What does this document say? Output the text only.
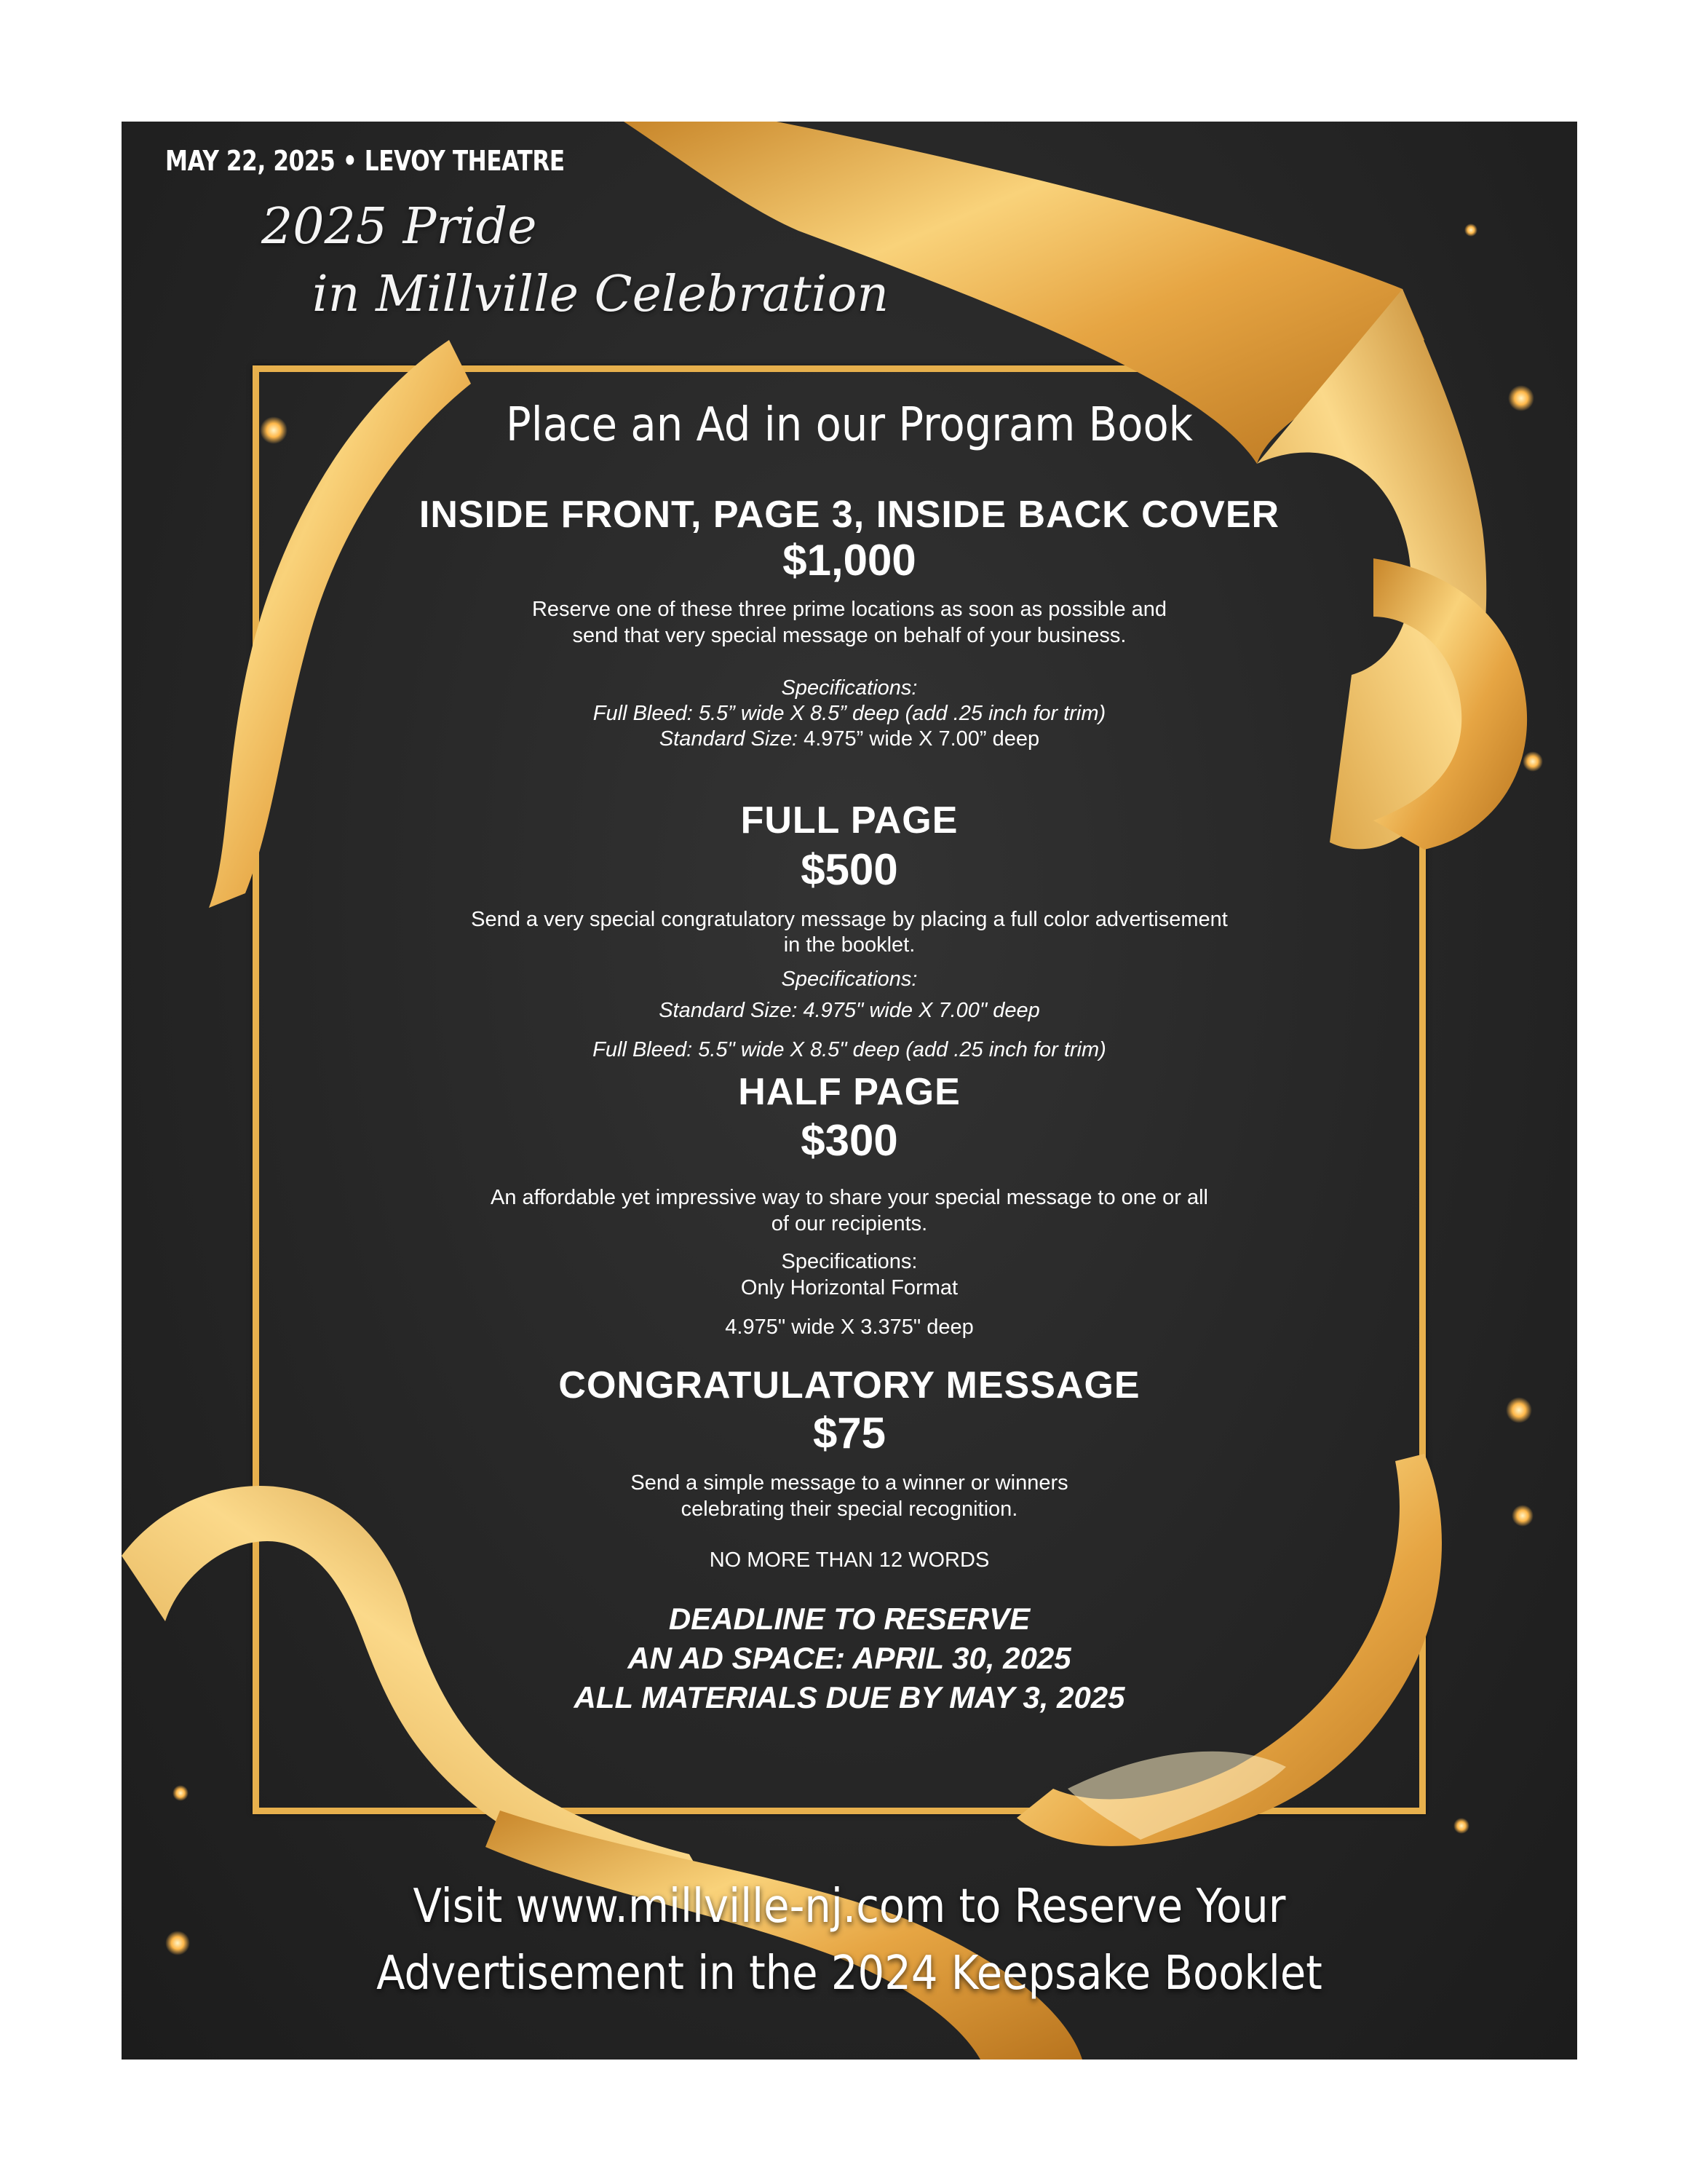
MAY 22, 2025 • LEVOY THEATRE

2025 Pride

in Millville Celebration

Place an Ad in our Program Book

INSIDE FRONT, PAGE 3, INSIDE BACK COVER

$1,000

Reserve one of these three prime locations as soon as possible and

send that very special message on behalf of your business.

Specifications:

Full Bleed: 5.5” wide X 8.5” deep (add .25 inch for trim)

Standard Size: 4.975” wide X 7.00” deep

FULL PAGE

$500

Send a very special congratulatory message by placing a full color advertisement

in the booklet.

Specifications:

Standard Size: 4.975" wide X 7.00" deep

Full Bleed: 5.5" wide X 8.5" deep (add .25 inch for trim)

HALF PAGE

$300

An affordable yet impressive way to share your special message to one or all

of our recipients.

Specifications:

Only Horizontal Format

4.975" wide X 3.375" deep

CONGRATULATORY MESSAGE

$75

Send a simple message to a winner or winners

celebrating their special recognition.

NO MORE THAN 12 WORDS

DEADLINE TO RESERVE

AN AD SPACE: APRIL 30, 2025

ALL MATERIALS DUE BY MAY 3, 2025

Visit www.millville-nj.com to Reserve Your
Advertisement in the 2024 Keepsake Booklet
